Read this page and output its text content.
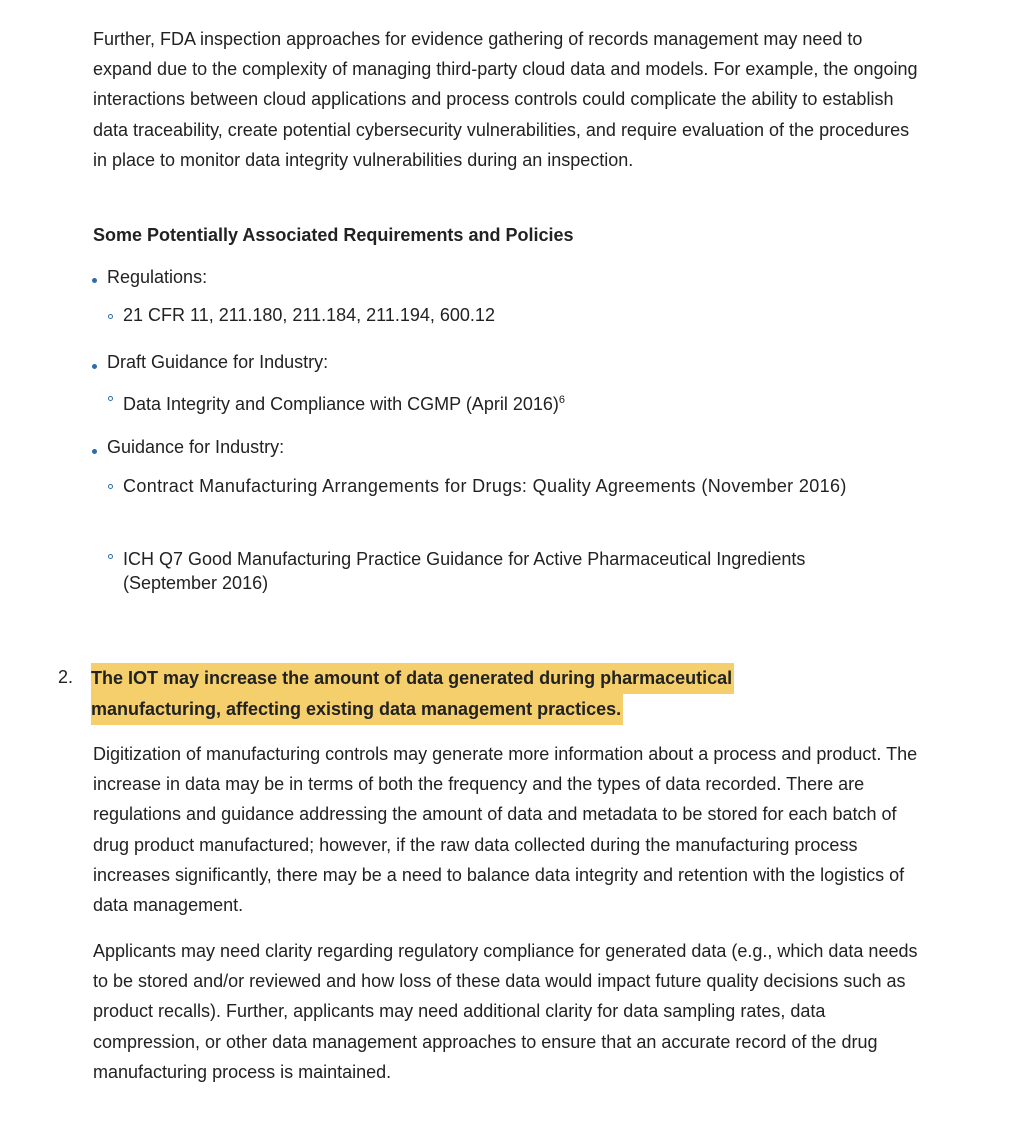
Further, FDA inspection approaches for evidence gathering of records management may need to expand due to the complexity of managing third-party cloud data and models. For example, the ongoing interactions between cloud applications and process controls could complicate the ability to establish data traceability, create potential cybersecurity vulnerabilities, and require evaluation of the procedures in place to monitor data integrity vulnerabilities during an inspection.

Some Potentially Associated Requirements and Policies
Regulations:
21 CFR 11, 211.180, 211.184, 211.194, 600.12
Draft Guidance for Industry:
Data Integrity and Compliance with CGMP (April 2016)$^6$
Guidance for Industry:
Contract Manufacturing Arrangements for Drugs: Quality Agreements (November 2016)
ICH Q7 Good Manufacturing Practice Guidance for Active Pharmaceutical Ingredients (September 2016)
2. The IOT may increase the amount of data generated during pharmaceutical
manufacturing, affecting existing data management practices.

Digitization of manufacturing controls may generate more information about a process and product. The increase in data may be in terms of both the frequency and the types of data recorded. There are regulations and guidance addressing the amount of data and metadata to be stored for each batch of drug product manufactured; however, if the raw data collected during the manufacturing process increases significantly, there may be a need to balance data integrity and retention with the logistics of data management.

Applicants may need clarity regarding regulatory compliance for generated data (e.g., which data needs to be stored and/or reviewed and how loss of these data would impact future quality decisions such as product recalls). Further, applicants may need additional clarity for data sampling rates, data compression, or other data management approaches to ensure that an accurate record of the drug manufacturing process is maintained.
